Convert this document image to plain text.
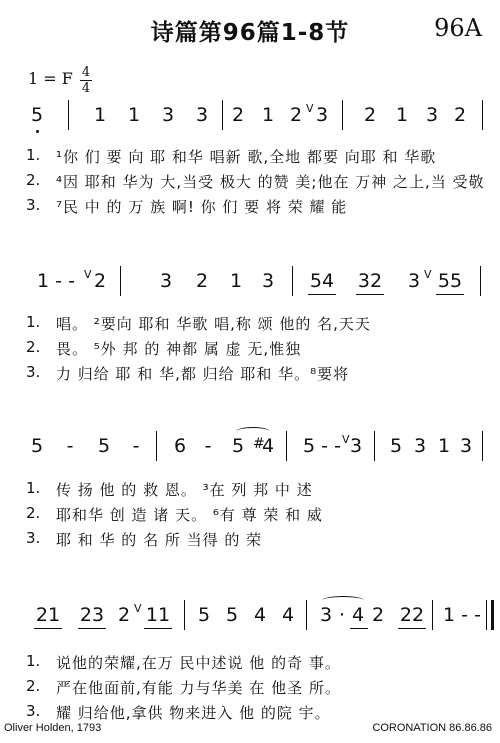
诗篇第96篇1-8节	96A
1 = F 4
4
5	1 1 3 3 2 1 2 V 3 2 1 3 2
1. ¹你 们 要 向 耶 和华 唱新 歌,全地 都要 向耶 和 华歌
2. ⁴因 耶和 华为 大,当受 极大 的赞 美;他在 万神 之上,当 受敬
3. ⁷民 中 的 万 族 啊! 你 们 要 将 荣 耀 能
1 - - V 2	3 2 1 3 54 32 3 V 55
1. 唱。 ²要向 耶和 华歌 唱,称 颂 他的 名,天天
2. 畏。 ⁵外 邦 的 神都 属 虚 无,惟独
3. 力 归给 耶 和 华,都 归给 耶和 华。⁸要将
5 - 5 - 6 - 5 #
4 5 - - V 3 5 3 1 3
1. 传 扬 他 的 救 恩。 ³在 列 邦 中 述
2. 耶和华 创 造 诸 天。 ⁶有 尊 荣 和 威
3. 耶 和 华 的 名 所 当得 的 荣
21 23 2 V 11 5 5 4 4 3 · 4 2 22 1 - -
1. 说他的荣耀,在万 民中述说 他 的奇 事。
2. 严在他面前,有能 力与华美 在 他圣 所。
3. 耀 归给他,拿供 物来进入 他 的院 宇。
Oliver Holden, 1793	CORONATION 86.86.86
